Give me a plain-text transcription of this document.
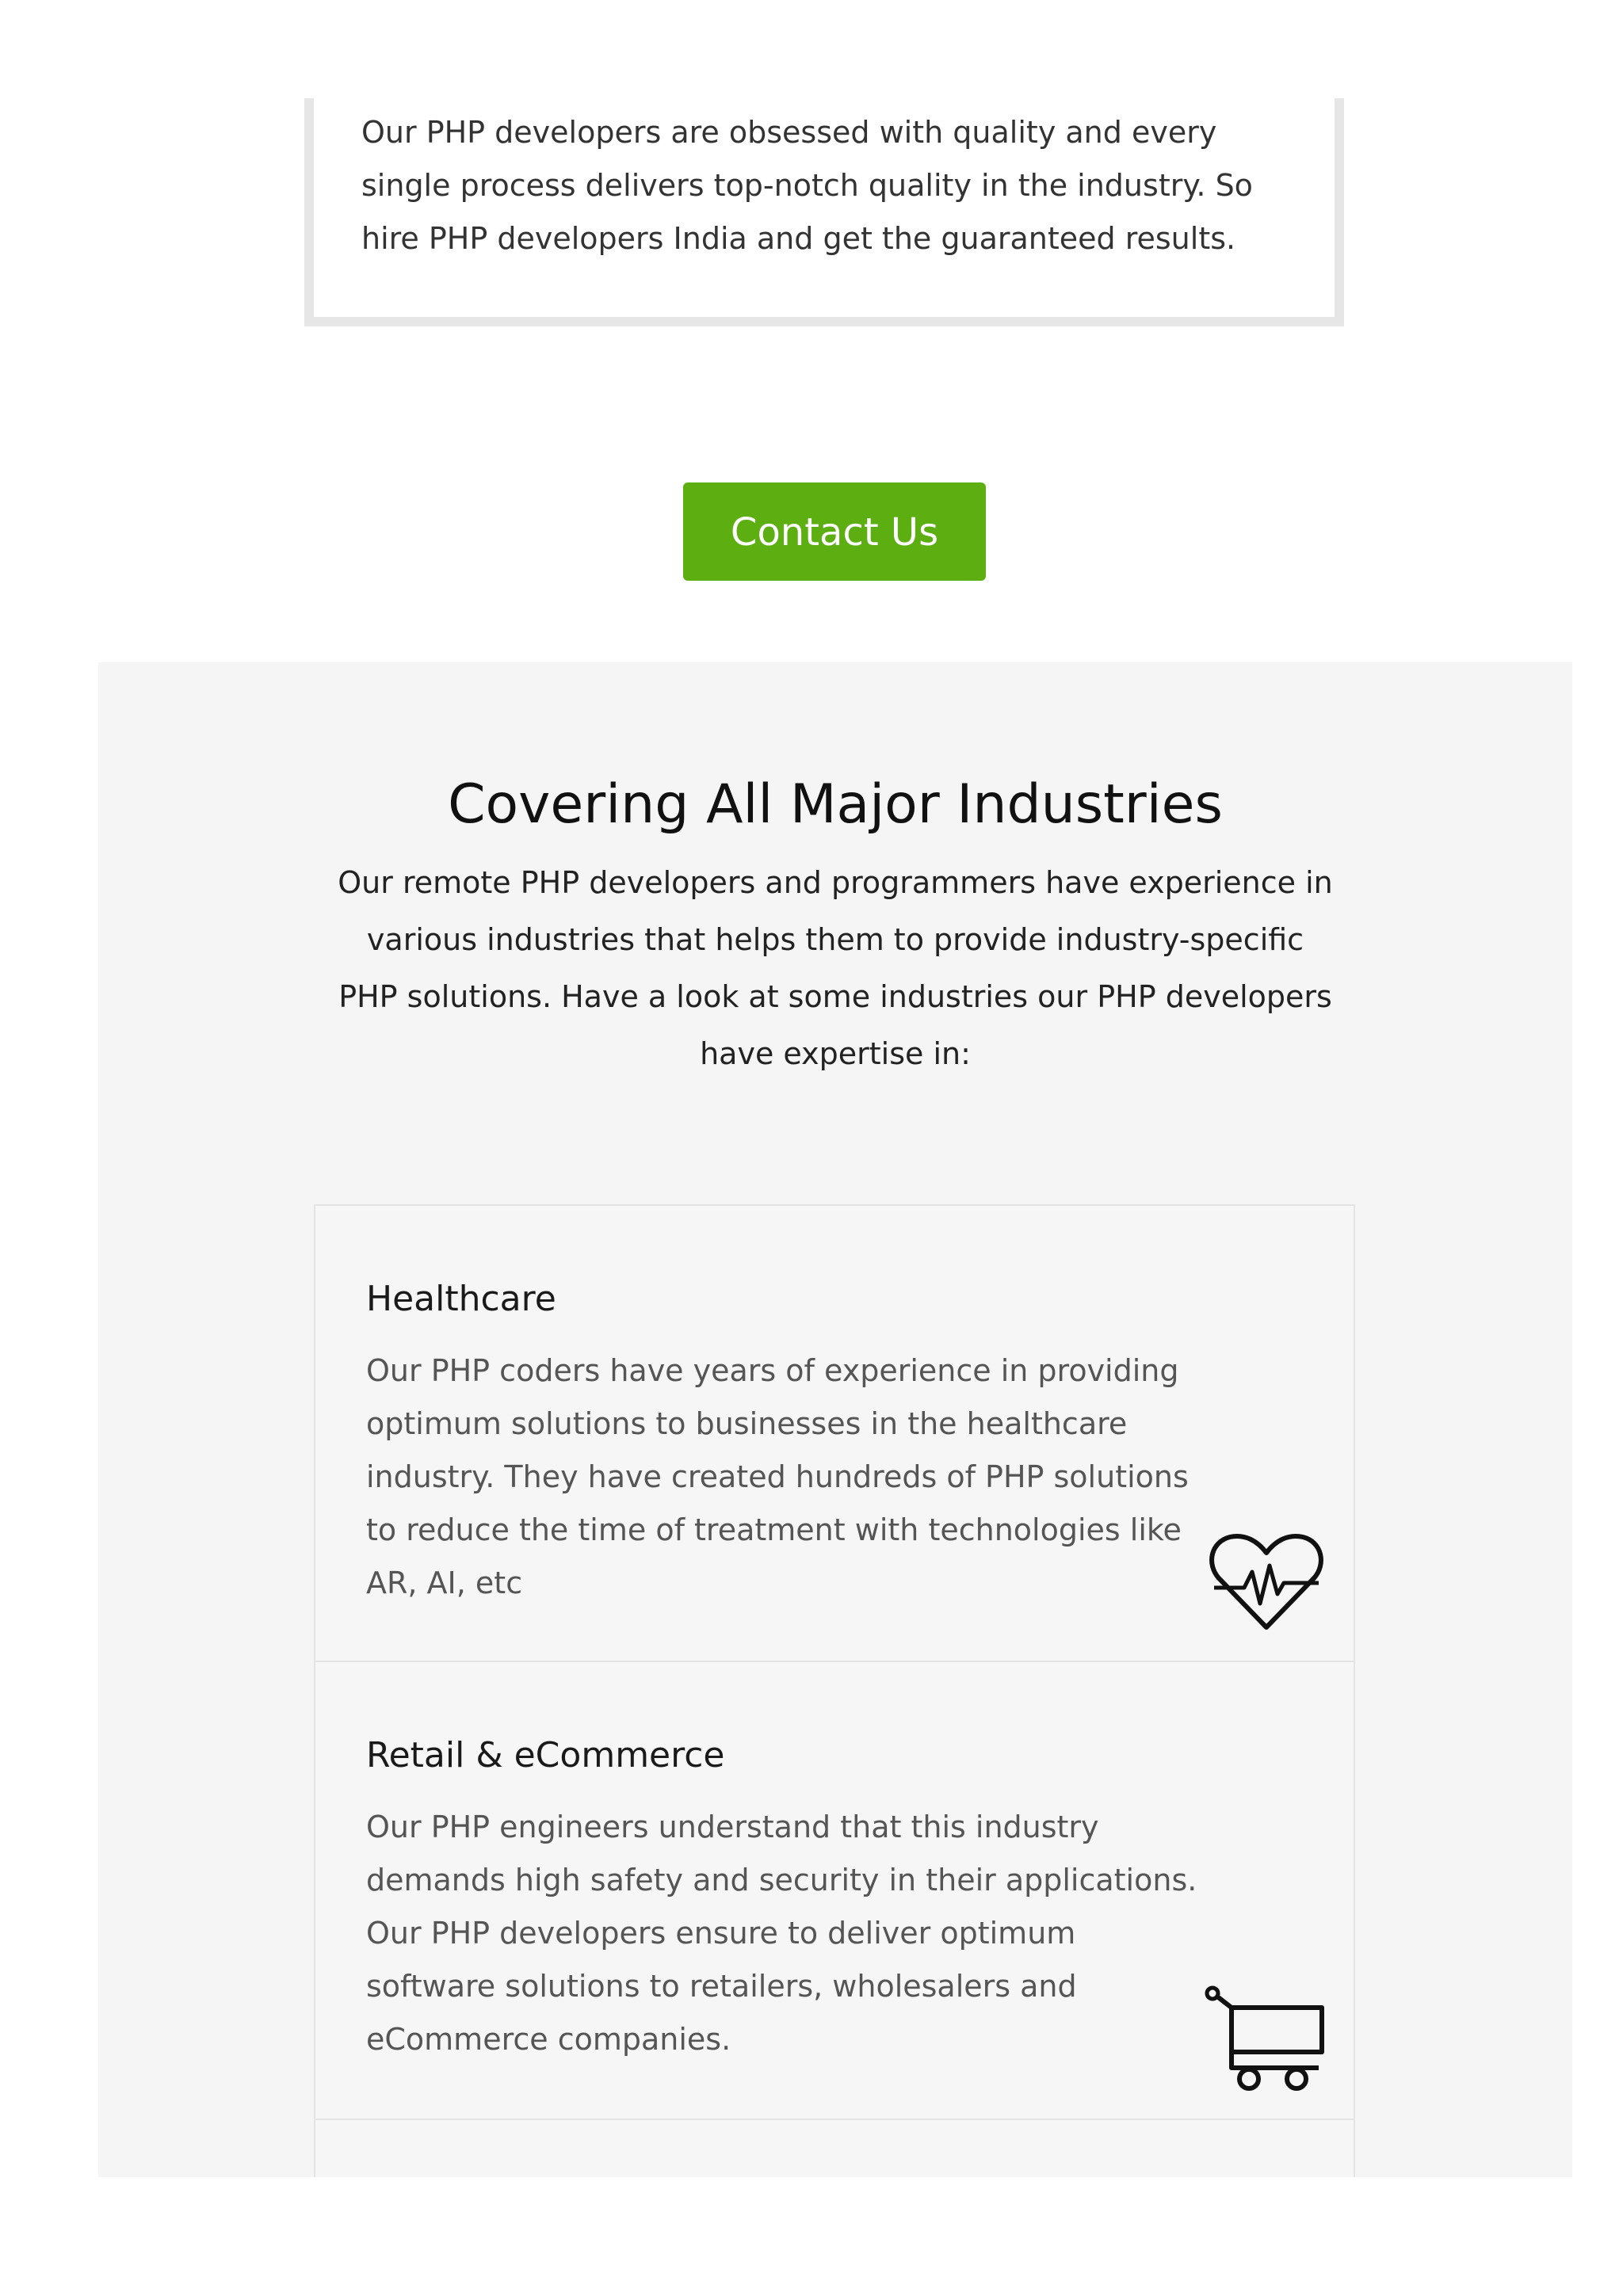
Our PHP developers are obsessed with quality and every single process delivers top-notch quality in the industry. So hire PHP developers India and get the guaranteed results.

Contact Us
Covering All Major Industries

Our remote PHP developers and programmers have experience in various industries that helps them to provide industry-specific PHP solutions. Have a look at some industries our PHP developers have expertise in:

Healthcare

Our PHP coders have years of experience in providing optimum solutions to businesses in the healthcare industry. They have created hundreds of PHP solutions to reduce the time of treatment with technologies like AR, AI, etc

Retail & eCommerce

Our PHP engineers understand that this industry demands high safety and security in their applications. Our PHP developers ensure to deliver optimum software solutions to retailers, wholesalers and eCommerce companies.
